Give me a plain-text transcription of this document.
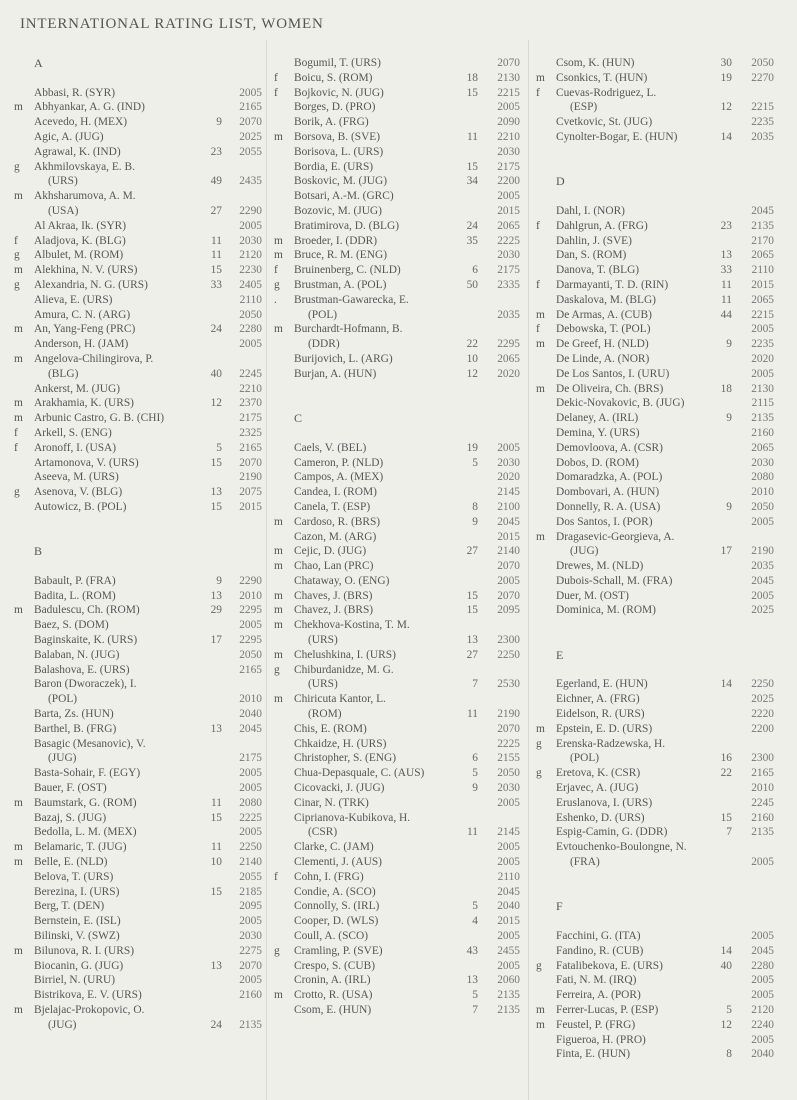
INTERNATIONAL RATING LIST, WOMEN
A
Abbasi, R. (SYR)	2005
m Abhyankar, A. G. (IND)	2165
Acevedo, H. (MEX)	9	2070
Agic, A. (JUG)	2025
Agrawal, K. (IND)	23	2055
g	Akhmilovskaya, E. B.
(URS)	49	2435
m Akhsharumova, A. M.
(USA)	27	2290
Al Akraa, Ik. (SYR)	2005
f	Aladjova, K. (BLG)	11	2030
g	Albulet, M. (ROM)	11	2120
m Alekhina, N. V. (URS)	15	2230
g	Alexandria, N. G. (URS)	33	2405
Alieva, E. (URS)	2110
Amura, C. N. (ARG)	2050
m An, Yang-Feng (PRC)	24	2280
Anderson, H. (JAM)	2005
m Angelova-Chilingirova, P.
(BLG)	40	2245
Ankerst, M. (JUG)	2210
m Arakhamia, K. (URS)	12	2370
m Arbunic Castro, G. B. (CHI)	2175
f	Arkell, S. (ENG)	2325
f	Aronoff, I. (USA)	5	2165
Artamonova, V. (URS)	15	2070
Aseeva, M. (URS)	2190
g	Asenova, V. (BLG)	13	2075
Autowicz, B. (POL)	15	2015
B
Babault, P. (FRA)	9	2290
Badita, L. (ROM)	13	2010
m Badulescu, Ch. (ROM)	29	2295
Baez, S. (DOM)	2005
Baginskaite, K. (URS)	17	2295
Balaban, N. (JUG)	2050
Balashova, E. (URS)	2165
Baron (Dworaczek), I.
(POL)	2010
Barta, Zs. (HUN)	2040
Barthel, B. (FRG)	13	2045
Basagic (Mesanovic), V.
(JUG)	2175
Basta-Sohair, F. (EGY)	2005
Bauer, F. (OST)	2005
m Baumstark, G. (ROM)	11	2080
Bazaj, S. (JUG)	15	2225
Bedolla, L. M. (MEX)	2005
m Belamaric, T. (JUG)	11	2250
m Belle, E. (NLD)	10	2140
Belova, T. (URS)	2055
Berezina, I. (URS)	15	2185
Berg, T. (DEN)	2095
Bernstein, E. (ISL)	2005
Bilinski, V. (SWZ)	2030
m Bilunova, R. I. (URS)	2275
Biocanin, G. (JUG)	13	2070
Birriel, N. (URU)	2005
Bistrikova, E. V. (URS)	2160
m Bjelajac-Prokopovic, O.
(JUG)	24	2135
Bogumil, T. (URS)	2070
f	Boicu, S. (ROM)	18	2130
f	Bojkovic, N. (JUG)	15	2215
Borges, D. (PRO)	2005
Borik, A. (FRG)	2090
m Borsova, B. (SVE)	11	2210
Borisova, L. (URS)	2030
Bordia, E. (URS)	15	2175
Boskovic, M. (JUG)	34	2200
Botsari, A.-M. (GRC)	2005
Bozovic, M. (JUG)	2015
Bratimirova, D. (BLG)	24	2065
m Broeder, I. (DDR)	35	2225
m Bruce, R. M. (ENG)	2030
f	Bruinenberg, C. (NLD)	6	2175
g	Brustman, A. (POL)	50	2335
.	Brustman-Gawarecka, E.
(POL)	2035
m Burchardt-Hofmann, B.
(DDR)	22	2295
Burijovich, L. (ARG)	10	2065
Burjan, A. (HUN)	12	2020
C
Caels, V. (BEL)	19	2005
Cameron, P. (NLD)	5	2030
Campos, A. (MEX)	2020
Candea, I. (ROM)	2145
Canela, T. (ESP)	8	2100
m Cardoso, R. (BRS)	9	2045
Cazon, M. (ARG)	2015
m Cejic, D. (JUG)	27	2140
m Chao, Lan (PRC)	2070
Chataway, O. (ENG)	2005
m Chaves, J. (BRS)	15	2070
m Chavez, J. (BRS)	15	2095
m Chekhova-Kostina, T. M.
(URS)	13	2300
m Chelushkina, I. (URS)	27	2250
g	Chiburdanidze, M. G.
(URS)	7	2530
m Chiricuta Kantor, L.
(ROM)	11	2190
Chis, E. (ROM)	2070
Chkaidze, H. (URS)	2225
Christopher, S. (ENG)	6	2155
Chua-Depasquale, C. (AUS)	5	2050
Cicovacki, J. (JUG)	9	2030
Cinar, N. (TRK)	2005
Ciprianova-Kubikova, H.
(CSR)	11	2145
Clarke, C. (JAM)	2005
Clementi, J. (AUS)	2005
f	Cohn, I. (FRG)	2110
Condie, A. (SCO)	2045
Connolly, S. (IRL)	5	2040
Cooper, D. (WLS)	4	2015
Coull, A. (SCO)	2005
g	Cramling, P. (SVE)	43	2455
Crespo, S. (CUB)	2005
Cronin, A. (IRL)	13	2060
m Crotto, R. (USA)	5	2135
Csom, E. (HUN)	7	2135
Csom, K. (HUN)	30	2050
m Csonkics, T. (HUN)	19	2270
f	Cuevas-Rodriguez, L.
(ESP)	12	2215
Cvetkovic, St. (JUG)	2235
Cynolter-Bogar, E. (HUN)	14	2035
D
Dahl, I. (NOR)	2045
f	Dahlgrun, A. (FRG)	23	2135
Dahlin, J. (SVE)	2170
Dan, S. (ROM)	13	2065
Danova, T. (BLG)	33	2110
f	Darmayanti, T. D. (RIN)	11	2015
Daskalova, M. (BLG)	11	2065
m De Armas, A. (CUB)	44	2215
f	Debowska, T. (POL)	2005
m De Greef, H. (NLD)	9	2235
De Linde, A. (NOR)	2020
De Los Santos, I. (URU)	2005
m De Oliveira, Ch. (BRS)	18	2130
Dekic-Novakovic, B. (JUG)	2115
Delaney, A. (IRL)	9	2135
Demina, Y. (URS)	2160
Demovloova, A. (CSR)	2065
Dobos, D. (ROM)	2030
Domaradzka, A. (POL)	2080
Dombovari, A. (HUN)	2010
Donnelly, R. A. (USA)	9	2050
Dos Santos, I. (POR)	2005
m Dragasevic-Georgieva, A.
(JUG)	17	2190
Drewes, M. (NLD)	2035
Dubois-Schall, M. (FRA)	2045
Duer, M. (OST)	2005
Dominica, M. (ROM)	2025
E
Egerland, E. (HUN)	14	2250
Eichner, A. (FRG)	2025
Eidelson, R. (URS)	2220
m Epstein, E. D. (URS)	2200
g	Erenska-Radzewska, H.
(POL)	16	2300
g	Eretova, K. (CSR)	22	2165
Erjavec, A. (JUG)	2010
Eruslanova, I. (URS)	2245
Eshenko, D. (URS)	15	2160
Espig-Camin, G. (DDR)	7	2135
Evtouchenko-Boulongne, N.
(FRA)	2005
F
Facchini, G. (ITA)	2005
Fandino, R. (CUB)	14	2045
g	Fatalibekova, E. (URS)	40	2280
Fati, N. M. (IRQ)	2005
Ferreira, A. (POR)	2005
m Ferrer-Lucas, P. (ESP)	5	2120
m Feustel, P. (FRG)	12	2240
Figueroa, H. (PRO)	2005
Finta, E. (HUN)	8	2040
